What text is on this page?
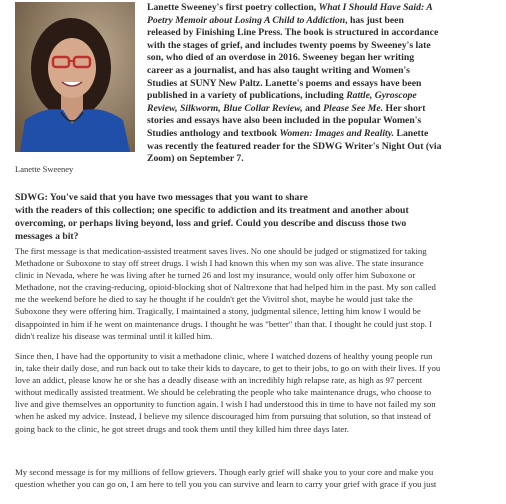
Lanette Sweeney
Lanette Sweeney's first poetry collection, What I Should Have Said: A
Poetry Memoir about Losing A Child to Addiction, has just been
released by Finishing Line Press. The book is structured in accordance
with the stages of grief, and includes twenty poems by Sweeney's late
son, who died of an overdose in 2016. Sweeney began her writing
career as a journalist, and has also taught writing and Women's
Studies at SUNY New Paltz. Lanette's poems and essays have been
published in a variety of publications, including Rattle, Gyroscope
Review, Silkworm, Blue Collar Review, and Please See Me. Her short
stories and essays have also been included in the popular Women's
Studies anthology and textbook Women: Images and Reality. Lanette
was recently the featured reader for the SDWG Writer's Night Out (via
Zoom) on September 7.
SDWG: You've said that you have two messages that you want to share
with the readers of this collection; one specific to addiction and its treatment and another about
overcoming, or perhaps living beyond, loss and grief. Could you describe and discuss those two
messages a bit?
The first message is that medication-assisted treatment saves lives. No one should be judged or stigmatized for taking
Methadone or Suboxone to stay off street drugs. I wish I had known this when my son was alive. The state insurance
clinic in Nevada, where he was living after he turned 26 and lost my insurance, would only offer him Suboxone or
Methadone, not the craving-reducing, opioid-blocking shot of Naltrexone that had helped him in the past. My son called
me the weekend before he died to say he thought if he couldn't get the Vivitrol shot, maybe he would just take the
Suboxone they were offering him. Tragically, I maintained a stony, judgmental silence, letting him know I would be
disappointed in him if he went on maintenance drugs. I thought he was "better" than that. I thought he could just stop. I
didn't realize his disease was terminal until it killed him.
Since then, I have had the opportunity to visit a methadone clinic, where I watched dozens of healthy young people run
in, take their daily dose, and run back out to take their kids to daycare, to get to their jobs, to go on with their lives. If you
love an addict, please know he or she has a deadly disease with an incredibly high relapse rate, as high as 97 percent
without medically assisted treatment. We should be celebrating the people who take maintenance drugs, who choose to
live and give themselves an opportunity to function again. I wish I had understood this in time to have not failed my son
when he asked my advice. Instead, I believe my silence discouraged him from pursuing that solution, so that instead of
going back to the clinic, he got street drugs and took them until they killed him three days later.
My second message is for my millions of fellow grievers. Though early grief will shake you to your core and make you
question whether you can go on, I am here to tell you you can survive and learn to carry your grief with grace if you just
